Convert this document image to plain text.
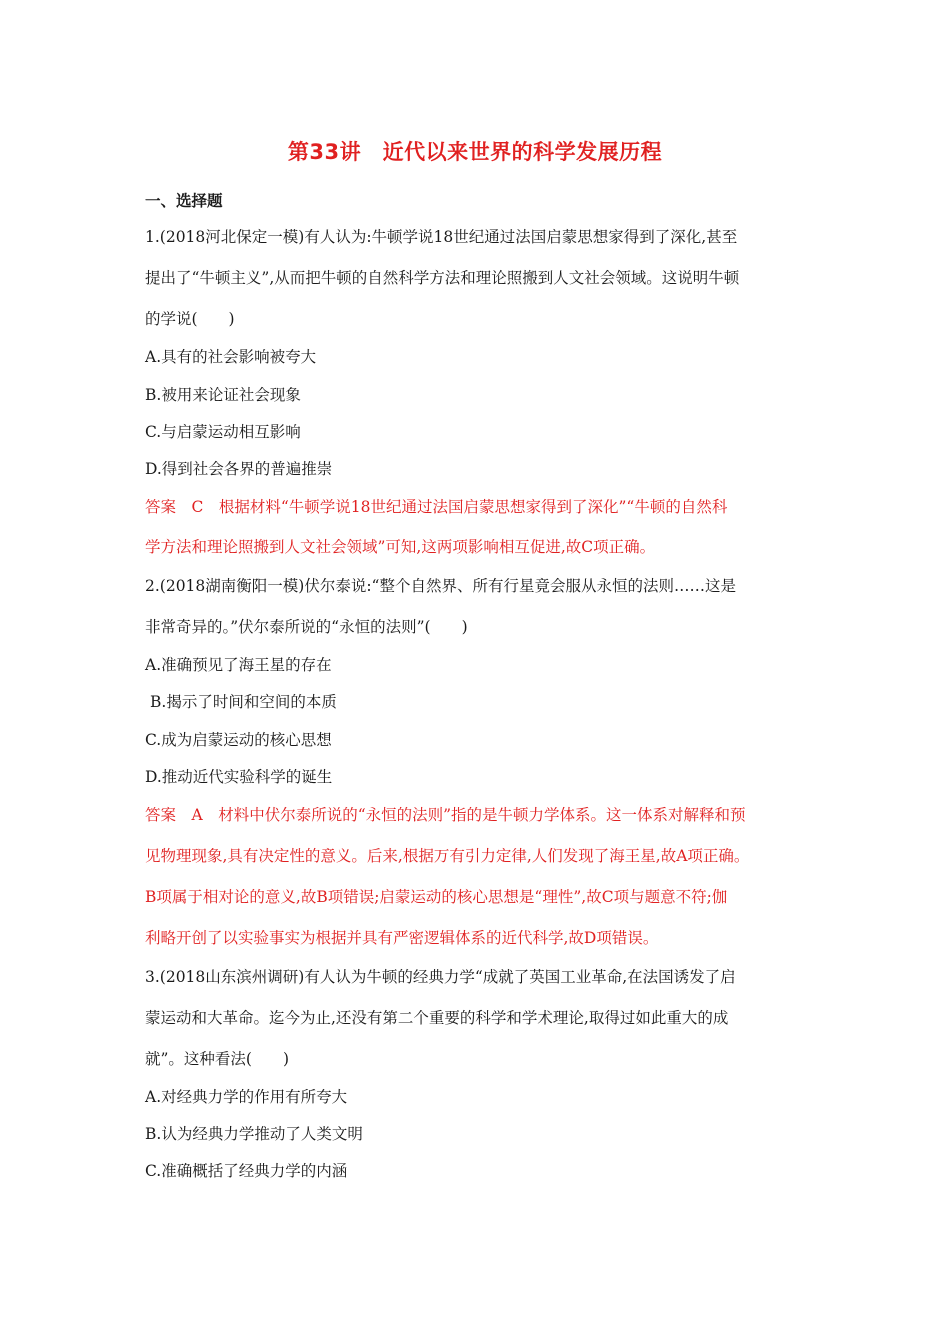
第33讲　近代以来世界的科学发展历程
一、选择题
1.(2018河北保定一模)有人认为:牛顿学说18世纪通过法国启蒙思想家得到了深化,甚至
提出了“牛顿主义”,从而把牛顿的自然科学方法和理论照搬到人文社会领域。这说明牛顿
的学说(　　)
A.具有的社会影响被夸大
B.被用来论证社会现象
C.与启蒙运动相互影响
D.得到社会各界的普遍推崇
答案　C　根据材料“牛顿学说18世纪通过法国启蒙思想家得到了深化”“牛顿的自然科
学方法和理论照搬到人文社会领域”可知,这两项影响相互促进,故C项正确。
2.(2018湖南衡阳一模)伏尔泰说:“整个自然界、所有行星竟会服从永恒的法则……这是
非常奇异的。”伏尔泰所说的“永恒的法则”(　　)
A.准确预见了海王星的存在
B.揭示了时间和空间的本质
C.成为启蒙运动的核心思想
D.推动近代实验科学的诞生
答案　A　材料中伏尔泰所说的“永恒的法则”指的是牛顿力学体系。这一体系对解释和预
见物理现象,具有决定性的意义。后来,根据万有引力定律,人们发现了海王星,故A项正确。
B项属于相对论的意义,故B项错误;启蒙运动的核心思想是“理性”,故C项与题意不符;伽
利略开创了以实验事实为根据并具有严密逻辑体系的近代科学,故D项错误。
3.(2018山东滨州调研)有人认为牛顿的经典力学“成就了英国工业革命,在法国诱发了启
蒙运动和大革命。迄今为止,还没有第二个重要的科学和学术理论,取得过如此重大的成
就”。这种看法(　　)
A.对经典力学的作用有所夸大
B.认为经典力学推动了人类文明
C.准确概括了经典力学的内涵
